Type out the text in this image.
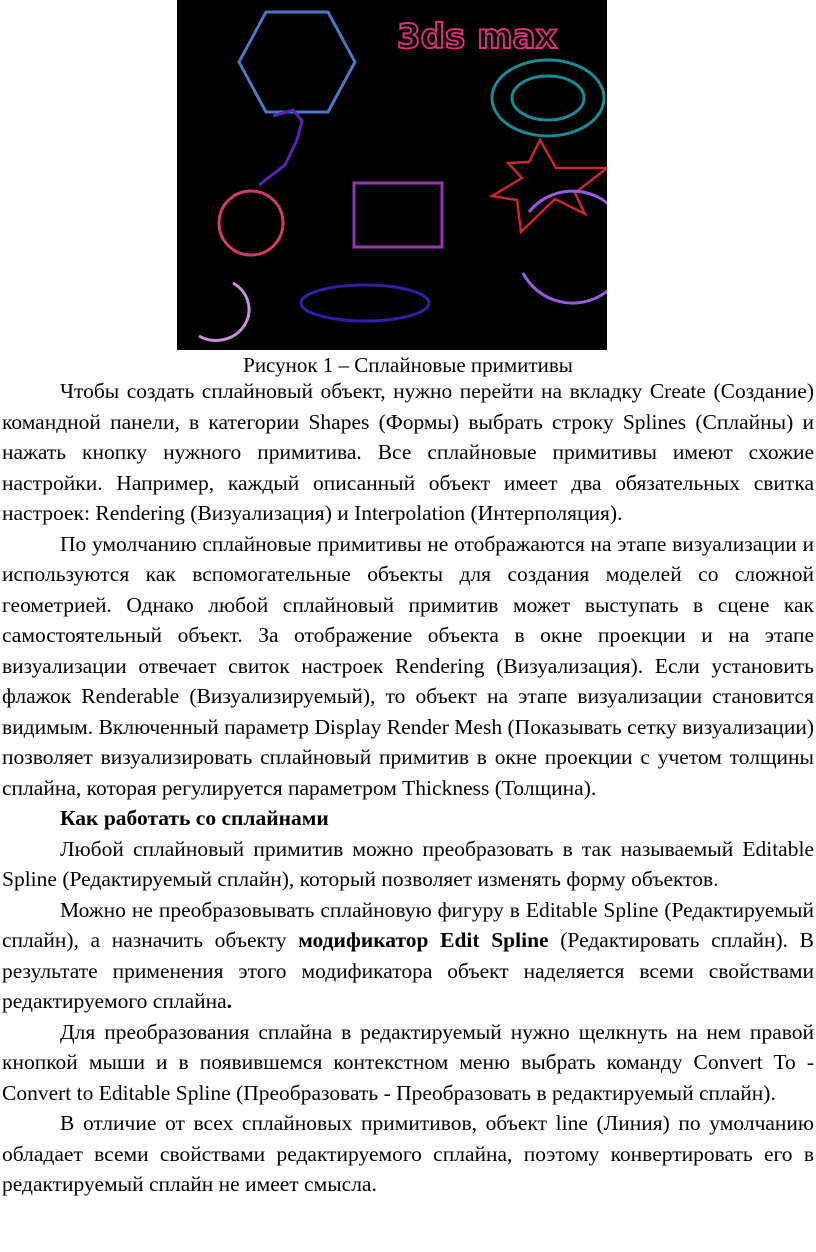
3ds max
Рисунок 1 – Сплайновые примитивы

Чтобы создать сплайновый объект, нужно перейти на вкладку Create (Создание) командной панели, в категории Shapes (Формы) выбрать строку Splines (Сплайны) и нажать кнопку нужного примитива. Все сплайновые примитивы имеют схожие настройки. Например, каждый описанный объект имеет два обязательных свитка настроек: Rendering (Визуализация) и Interpolation (Интерполяция).

По умолчанию сплайновые примитивы не отображаются на этапе визуализации и используются как вспомогательные объекты для создания моделей со сложной геометрией. Однако любой сплайновый примитив может выступать в сцене как самостоятельный объект. За отображение объекта в окне проекции и на этапе визуализации отвечает свиток настроек Rendering (Визуализация). Если установить флажок Renderable (Визуализируемый), то объект на этапе визуализации становится видимым. Включенный параметр Display Render Mesh (Показывать сетку визуализации) позволяет визуализировать сплайновый примитив в окне проекции с учетом толщины сплайна, которая регулируется параметром Thickness (Толщина).

Как работать со сплайнами

Любой сплайновый примитив можно преобразовать в так называемый Editable Spline (Редактируемый сплайн), который позволяет изменять форму объектов.

Можно не преобразовывать сплайновую фигуру в Editable Spline (Редактируемый сплайн), а назначить объекту модификатор Edit Spline (Редактировать сплайн). В результате применения этого модификатора объект наделяется всеми свойствами редактируемого сплайна.

Для преобразования сплайна в редактируемый нужно щелкнуть на нем правой кнопкой мыши и в появившемся контекстном меню выбрать команду Convert To - Convert to Editable Spline (Преобразовать - Преобразовать в редактируемый сплайн).

В отличие от всех сплайновых примитивов, объект line (Линия) по умолчанию обладает всеми свойствами редактируемого сплайна, поэтому конвертировать его в редактируемый сплайн не имеет смысла.
